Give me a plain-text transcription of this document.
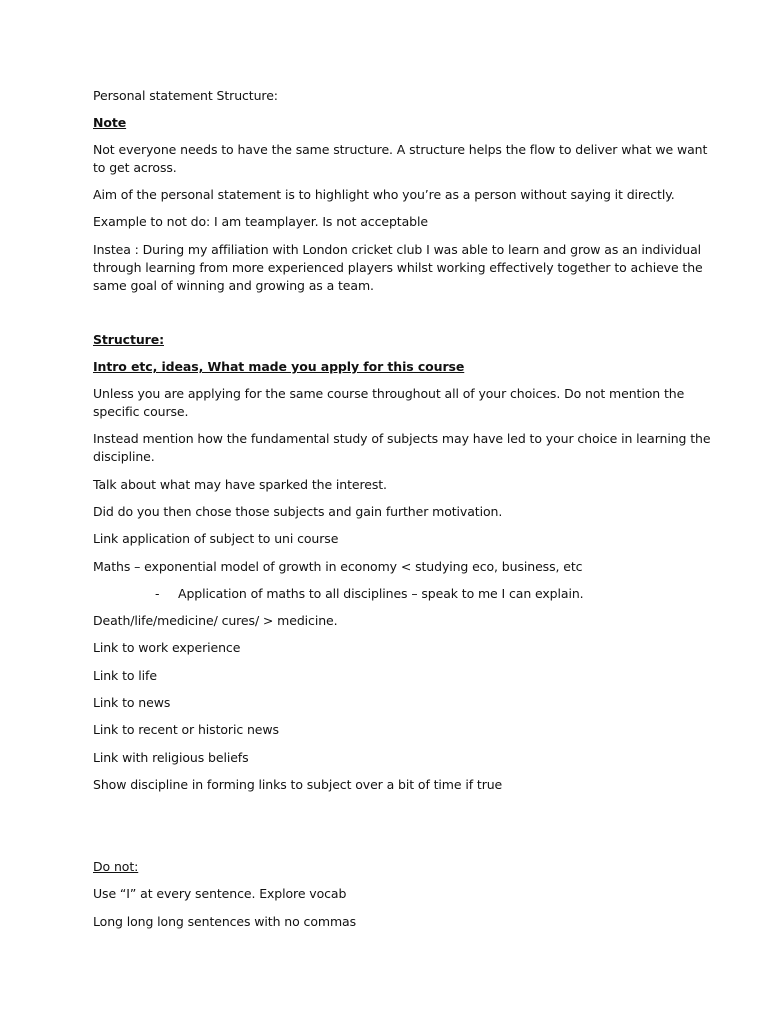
Personal statement Structure:
Note
Not everyone needs to have the same structure. A structure helps the flow to deliver what we want
to get across.
Aim of the personal statement is to highlight who you’re as a person without saying it directly.
Example to not do: I am teamplayer. Is not acceptable
Instea : During my affiliation with London cricket club I was able to learn and grow as an individual
through learning from more experienced players whilst working effectively together to achieve the
same goal of winning and growing as a team.
Structure:
Intro etc, ideas, What made you apply for this course
Unless you are applying for the same course throughout all of your choices. Do not mention the
specific course.
Instead mention how the fundamental study of subjects may have led to your choice in learning the
discipline.
Talk about what may have sparked the interest.
Did do you then chose those subjects and gain further motivation.
Link application of subject to uni course
Maths – exponential model of growth in economy < studying eco, business, etc
- Application of maths to all disciplines – speak to me I can explain.
Death/life/medicine/ cures/ > medicine.
Link to work experience
Link to life
Link to news
Link to recent or historic news
Link with religious beliefs
Show discipline in forming links to subject over a bit of time if true
Do not:
Use “I” at every sentence. Explore vocab
Long long long sentences with no commas
